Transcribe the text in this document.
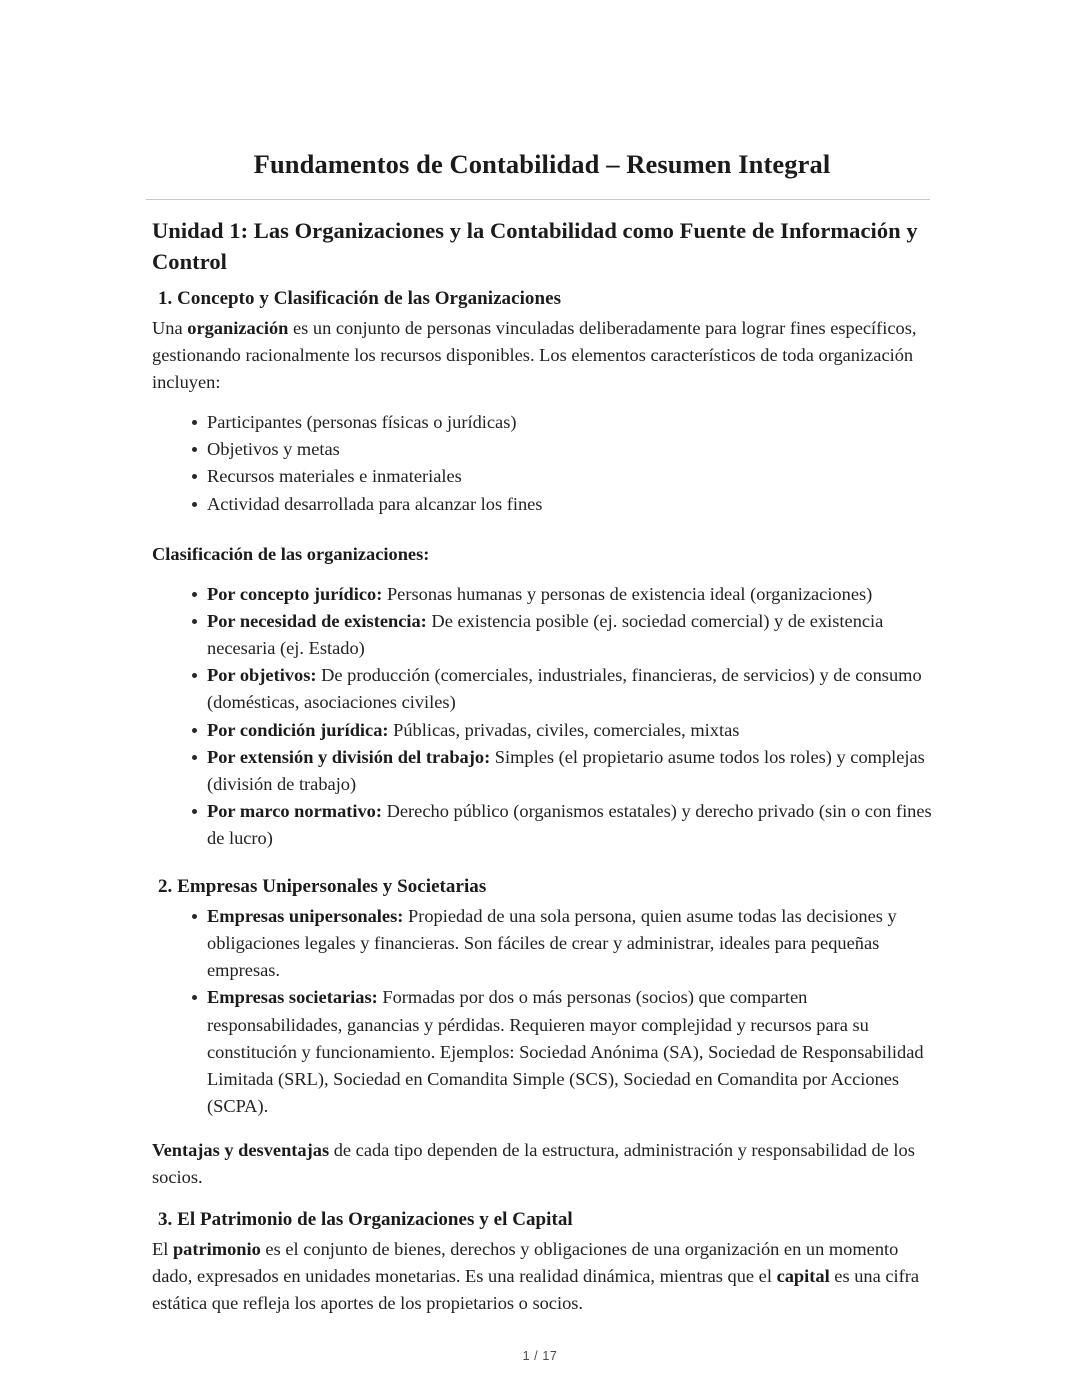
Fundamentos de Contabilidad – Resumen Integral
Unidad 1: Las Organizaciones y la Contabilidad como Fuente de Información y Control
1. Concepto y Clasificación de las Organizaciones

Una organización es un conjunto de personas vinculadas deliberadamente para lograr fines específicos, gestionando racionalmente los recursos disponibles. Los elementos característicos de toda organización incluyen:

Participantes (personas físicas o jurídicas)
Objetivos y metas
Recursos materiales e inmateriales
Actividad desarrollada para alcanzar los fines

Clasificación de las organizaciones:

Por concepto jurídico: Personas humanas y personas de existencia ideal (organizaciones)
Por necesidad de existencia: De existencia posible (ej. sociedad comercial) y de existencia necesaria (ej. Estado)
Por objetivos: De producción (comerciales, industriales, financieras, de servicios) y de consumo (domésticas, asociaciones civiles)
Por condición jurídica: Públicas, privadas, civiles, comerciales, mixtas
Por extensión y división del trabajo: Simples (el propietario asume todos los roles) y complejas (división de trabajo)
Por marco normativo: Derecho público (organismos estatales) y derecho privado (sin o con fines de lucro)
2. Empresas Unipersonales y Societarias
Empresas unipersonales: Propiedad de una sola persona, quien asume todas las decisiones y obligaciones legales y financieras. Son fáciles de crear y administrar, ideales para pequeñas empresas.
Empresas societarias: Formadas por dos o más personas (socios) que comparten responsabilidades, ganancias y pérdidas. Requieren mayor complejidad y recursos para su constitución y funcionamiento. Ejemplos: Sociedad Anónima (SA), Sociedad de Responsabilidad Limitada (SRL), Sociedad en Comandita Simple (SCS), Sociedad en Comandita por Acciones (SCPA).

Ventajas y desventajas de cada tipo dependen de la estructura, administración y responsabilidad de los socios.

3. El Patrimonio de las Organizaciones y el Capital

El patrimonio es el conjunto de bienes, derechos y obligaciones de una organización en un momento dado, expresados en unidades monetarias. Es una realidad dinámica, mientras que el capital es una cifra estática que refleja los aportes de los propietarios o socios.

1 / 17
